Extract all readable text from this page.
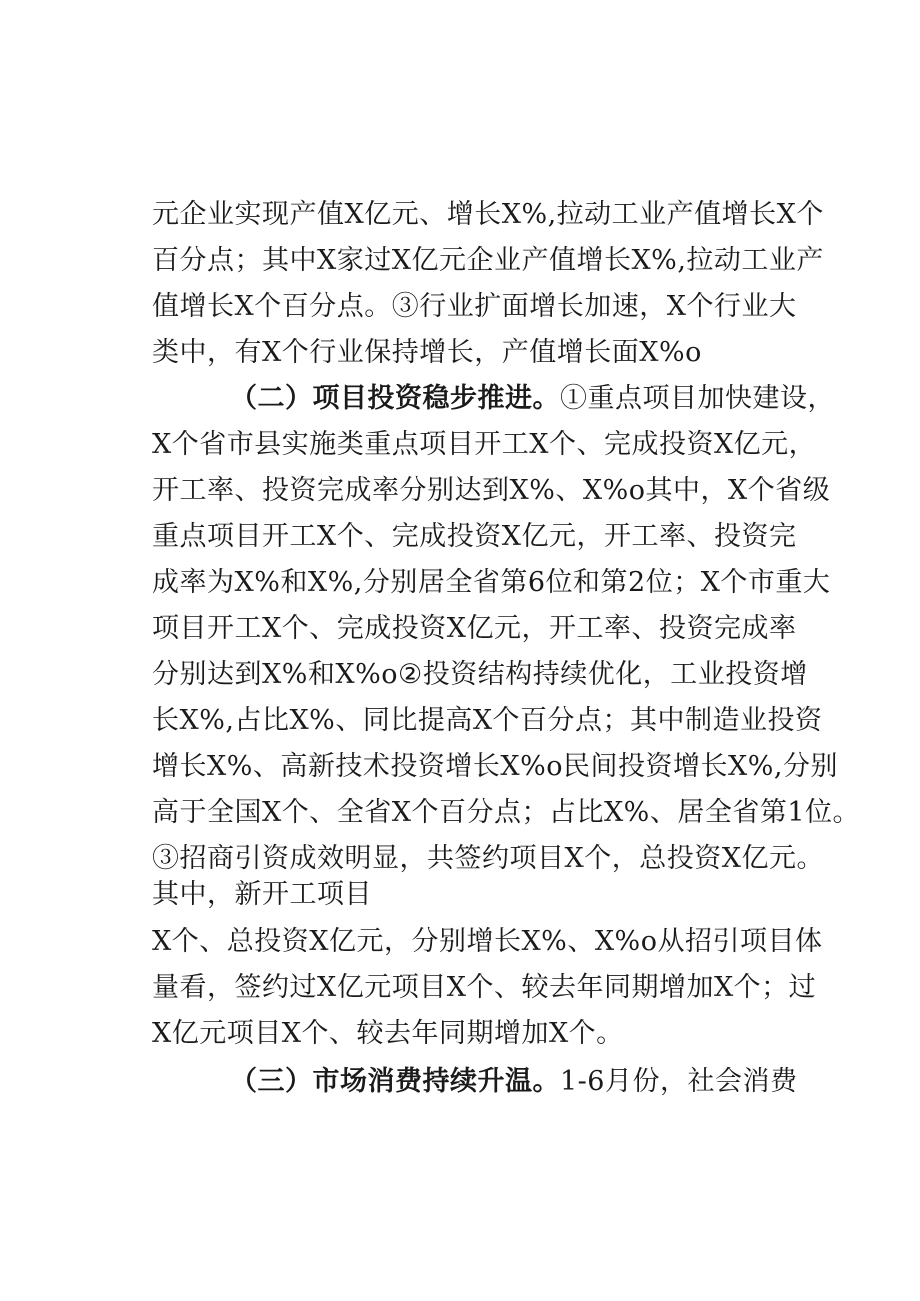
元企业实现产值X亿元、增长X%,拉动工业产值增长X个
百分点；其中X家过X亿元企业产值增长X%,拉动工业产
值增长X个百分点。③行业扩面增长加速，X个行业大
类中，有X个行业保持增长，产值增长面X%o
（二）项目投资稳步推进。①重点项目加快建设，
X个省市县实施类重点项目开工X个、完成投资X亿元，
开工率、投资完成率分别达到X%、X%o其中，X个省级
重点项目开工X个、完成投资X亿元，开工率、投资完
成率为X%和X%,分别居全省第6位和第2位；X个市重大
项目开工X个、完成投资X亿元，开工率、投资完成率
分别达到X%和X%o②投资结构持续优化，工业投资增
长X%,占比X%、同比提高X个百分点；其中制造业投资
增长X%、高新技术投资增长X%o民间投资增长X%,分别
高于全国X个、全省X个百分点；占比X%、居全省第1位。
③招商引资成效明显，共签约项目X个，总投资X亿元。
其中，新开工项目
X个、总投资X亿元，分别增长X%、X%o从招引项目体
量看，签约过X亿元项目X个、较去年同期增加X个；过
X亿元项目X个、较去年同期增加X个。
（三）市场消费持续升温。1-6月份，社会消费
